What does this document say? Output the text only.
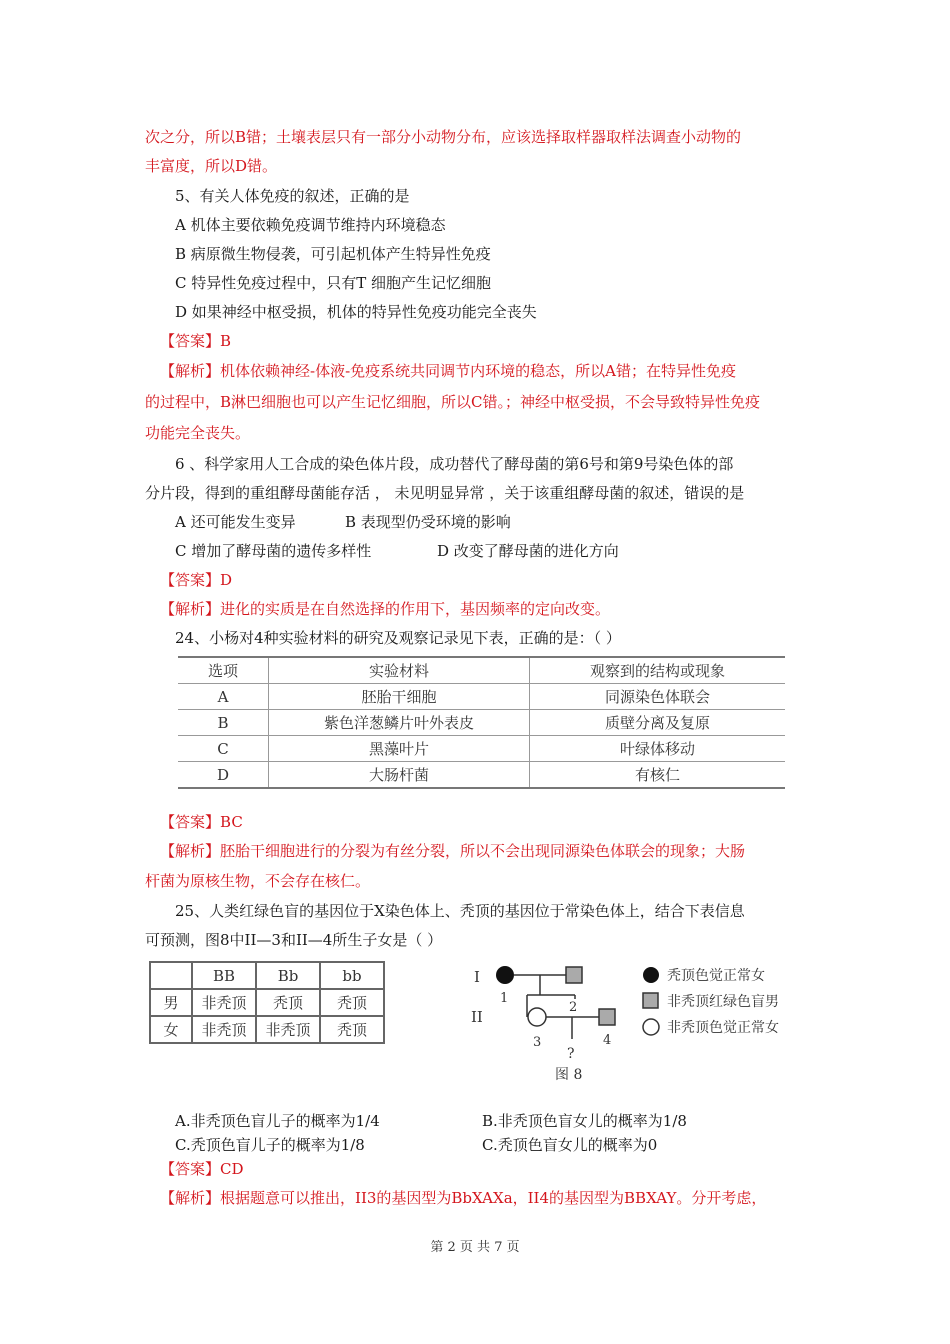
次之分，所以B错；土壤表层只有一部分小动物分布，应该选择取样器取样法调查小动物的
丰富度，所以D错。
5、有关人体免疫的叙述，正确的是
A 机体主要依赖免疫调节维持内环境稳态
B 病原微生物侵袭，可引起机体产生特异性免疫
C 特异性免疫过程中，只有T 细胞产生记忆细胞
D 如果神经中枢受损，机体的特异性免疫功能完全丧失
【答案】B
【解析】机体依赖神经-体液-免疫系统共同调节内环境的稳态，所以A错；在特异性免疫
的过程中，B淋巴细胞也可以产生记忆细胞，所以C错。；神经中枢受损，不会导致特异性免疫
功能完全丧失。
6 、科学家用人工合成的染色体片段，成功替代了酵母菌的第6号和第9号染色体的部
分片段，得到的重组酵母菌能存活 ， 未见明显异常 ，关于该重组酵母菌的叙述，错误的是
A 还可能发生变异	B 表现型仍受环境的影响
C 增加了酵母菌的遗传多样性	D 改变了酵母菌的进化方向
【答案】D
【解析】进化的实质是在自然选择的作用下，基因频率的定向改变。
24、小杨对4种实验材料的研究及观察记录见下表，正确的是：（ ）
选项	实验材料	观察到的结构或现象
A	胚胎干细胞	同源染色体联会
B	紫色洋葱鳞片叶外表皮	质壁分离及复原
C	黑藻叶片	叶绿体移动
D	大肠杆菌	有核仁
【答案】BC
【解析】胚胎干细胞进行的分裂为有丝分裂，所以不会出现同源染色体联会的现象；大肠
杆菌为原核生物，不会存在核仁。
25、人类红绿色盲的基因位于X染色体上、秃顶的基因位于常染色体上，结合下表信息
可预测，图8中II—3和II—4所生子女是（ ）
	BB	Bb	bb
男	非秃顶	秃顶	秃顶
女	非秃顶	非秃顶	秃顶
I
II
1
2
3	4
?
图 8
秃顶色觉正常女
非秃顶红绿色盲男
非秃顶色觉正常女
A.非秃顶色盲儿子的概率为1/4	B.非秃顶色盲女儿的概率为1/8
C.秃顶色盲儿子的概率为1/8	C.秃顶色盲女儿的概率为0
【答案】CD
【解析】根据题意可以推出，II3的基因型为BbXAXa，II4的基因型为BBXAY。分开考虑，
第 2 页 共 7 页
